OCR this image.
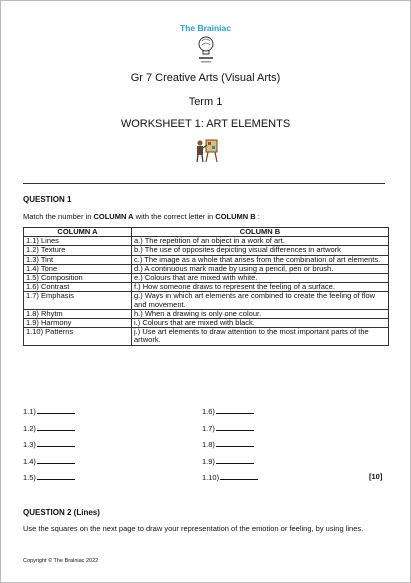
The Brainiac
Gr 7 Creative Arts (Visual Arts)
Term 1
WORKSHEET 1: ART ELEMENTS
QUESTION 1
Match the number in COLUMN A with the correct letter in COLUMN B :
COLUMN A	COLUMN B
1.1) Lines	a.) The repetition of an object in a work of art.
1.2) Texture	b.) The use of opposites depicting visual differences in artwork
1.3) Tint	c.) The image as a whole that arises from the combination of art elements.
1.4) Tone	d.) A continuous mark made by using a pencil, pen or brush.
1.5) Composition	e.) Colours that are mixed with white.
1.6) Contrast	f.) How someone draws to represent the feeling of a surface.
1.7) Emphasis	g.) Ways in which art elements are combined to create the feeling of flow and movement.
1.8) Rhytm	h.) When a drawing is only one colour.
1.9) Harmony	i.) Colours that are mixed with black.
1.10) Patterns	j.) Use art elements to draw attention to the most important parts of the artwork.
1.1)
1.2)
1.3)
1.4)
1.5)
1.6)
1.7)
1.8)
1.9)
1.10)	[10]
QUESTION 2 (Lines)
Use the squares on the next page to draw your representation of the emotion or feeling, by using lines.
Copyright © The Brainiac 2022
